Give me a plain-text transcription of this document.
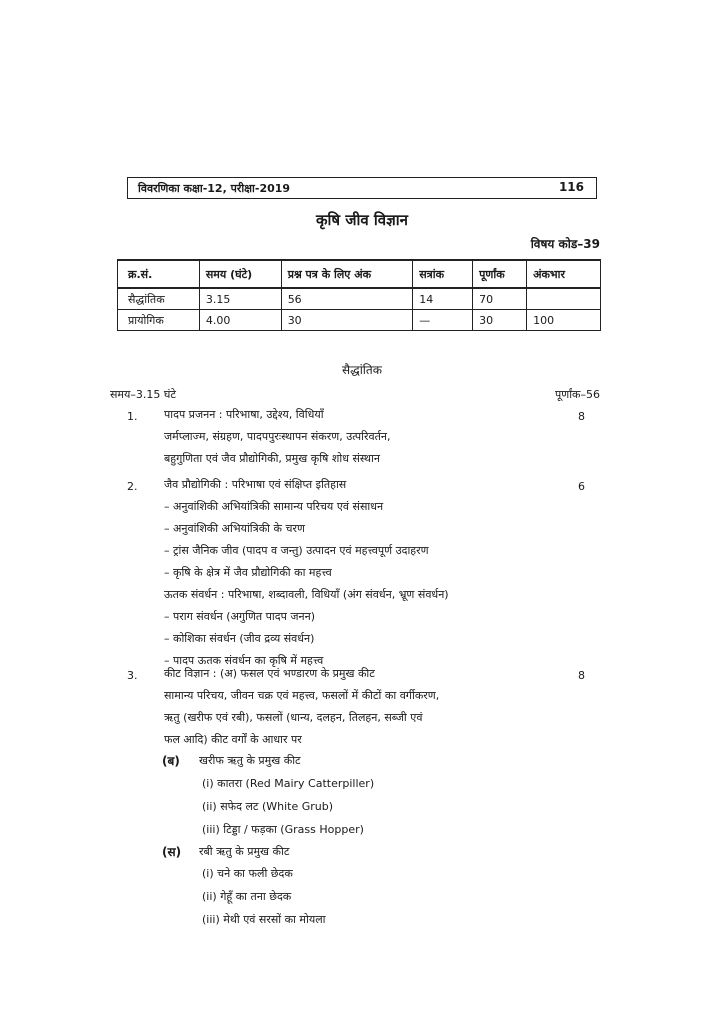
विवरणिका कक्षा-12, परीक्षा-2019	116
कृषि जीव विज्ञान
विषय कोड–39
क्र.सं.	समय (घंटे)	प्रश्न पत्र के लिए अंक	सत्रांक	पूर्णांक	अंकभार
सैद्धांतिक	3.15	56	14	70	
प्रायोगिक	4.00	30	—	30	100
सैद्धांतिक
समय–3.15 घंटे	पूर्णांक–56
1.	8
पादप प्रजनन : परिभाषा, उद्देश्य, विधियाँ
जर्मप्लाज्म, संग्रहण, पादपपुरःस्थापन संकरण, उत्परिवर्तन,
बहुगुणिता एवं जैव प्रौद्योगिकी, प्रमुख कृषि शोध संस्थान
2.	6
जैव प्रौद्योगिकी : परिभाषा एवं संक्षिप्त इतिहास
– अनुवांशिकी अभियांत्रिकी सामान्य परिचय एवं संसाधन
– अनुवांशिकी अभियांत्रिकी के चरण
– ट्रांस जैनिक जीव (पादप व जन्तु) उत्पादन एवं महत्त्वपूर्ण उदाहरण
– कृषि के क्षेत्र में जैव प्रौद्योगिकी का महत्त्व
ऊतक संवर्धन : परिभाषा, शब्दावली, विधियाँ (अंग संवर्धन, भ्रूण संवर्धन)
– पराग संवर्धन (अगुणित पादप जनन)
– कोशिका संवर्धन (जीव द्रव्य संवर्धन)
– पादप ऊतक संवर्धन का कृषि में महत्त्व
3.	8
कीट विज्ञान : (अ) फसल एवं भण्डारण के प्रमुख कीट
सामान्य परिचय, जीवन चक्र एवं महत्त्व, फसलों में कीटों का वर्गीकरण,
ऋतु (खरीफ एवं रबी), फसलों (धान्य, दलहन, तिलहन, सब्जी एवं
फल आदि) कीट वर्गों के आधार पर
(ब) खरीफ ऋतु के प्रमुख कीट
(i) कातरा (Red Mairy Catterpiller)
(ii) सफेद लट (White Grub)
(iii) टिड्डा / फड़का (Grass Hopper)
(स) रबी ऋतु के प्रमुख कीट
(i) चने का फली छेदक
(ii) गेहूँ का तना छेदक
(iii) मेथी एवं सरसों का मोयला
